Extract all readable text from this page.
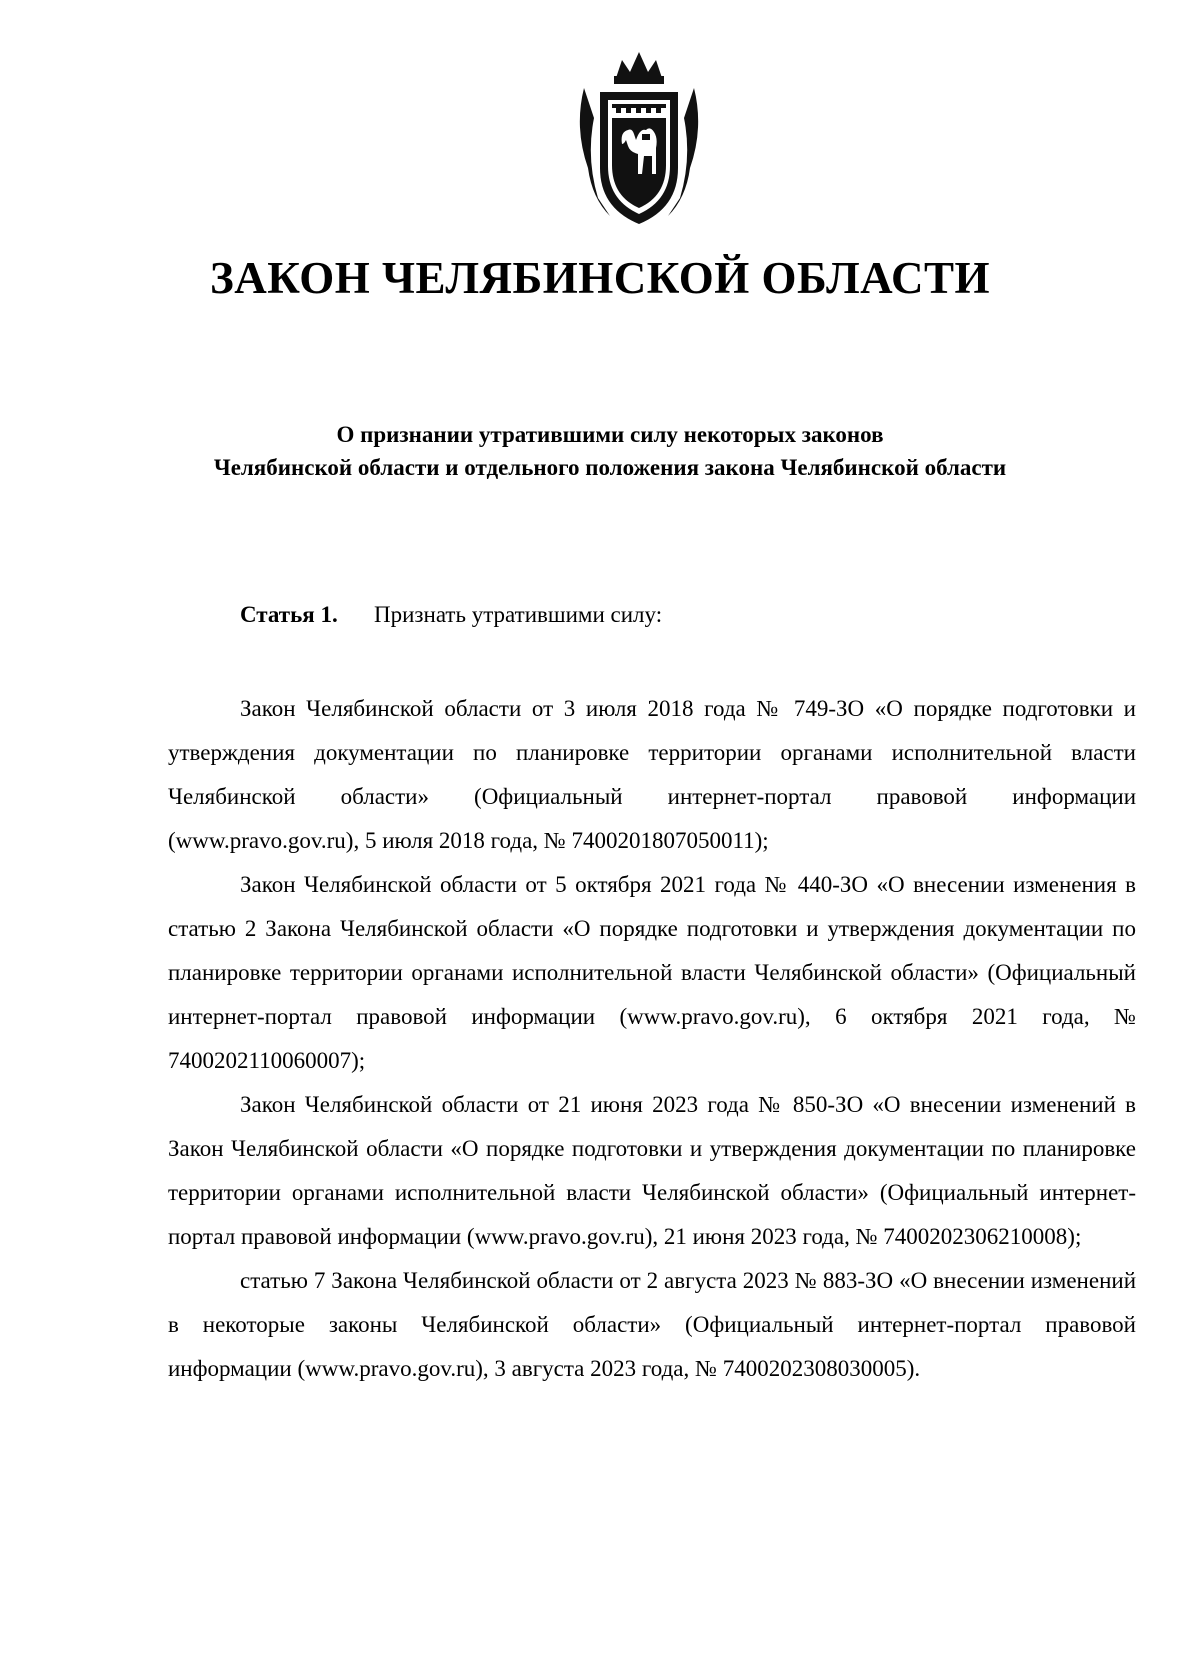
ЗАКОН ЧЕЛЯБИНСКОЙ ОБЛАСТИ
О признании утратившими силу некоторых законов
Челябинской области и отдельного положения закона Челябинской области
Статья 1. Признать утратившими силу:

Закон Челябинской области от 3 июля 2018 года № 749-ЗО «О порядке подготовки и утверждения документации по планировке территории органами исполнительной власти Челябинской области» (Официальный интернет-портал правовой информации (www.pravo.gov.ru), 5 июля 2018 года, № 7400201807050011);

Закон Челябинской области от 5 октября 2021 года № 440-ЗО «О внесении изменения в статью 2 Закона Челябинской области «О порядке подготовки и утверждения документации по планировке территории органами исполнительной власти Челябинской области» (Официальный интернет-портал правовой информации (www.pravo.gov.ru), 6 октября 2021 года, № 7400202110060007);

Закон Челябинской области от 21 июня 2023 года № 850-ЗО «О внесении изменений в Закон Челябинской области «О порядке подготовки и утверждения документации по планировке территории органами исполнительной власти Челябинской области» (Официальный интернет-портал правовой информации (www.pravo.gov.ru), 21 июня 2023 года, № 7400202306210008);

статью 7 Закона Челябинской области от 2 августа 2023 № 883-ЗО «О внесении изменений в некоторые законы Челябинской области» (Официальный интернет-портал правовой информации (www.pravo.gov.ru), 3 августа 2023 года, № 7400202308030005).
